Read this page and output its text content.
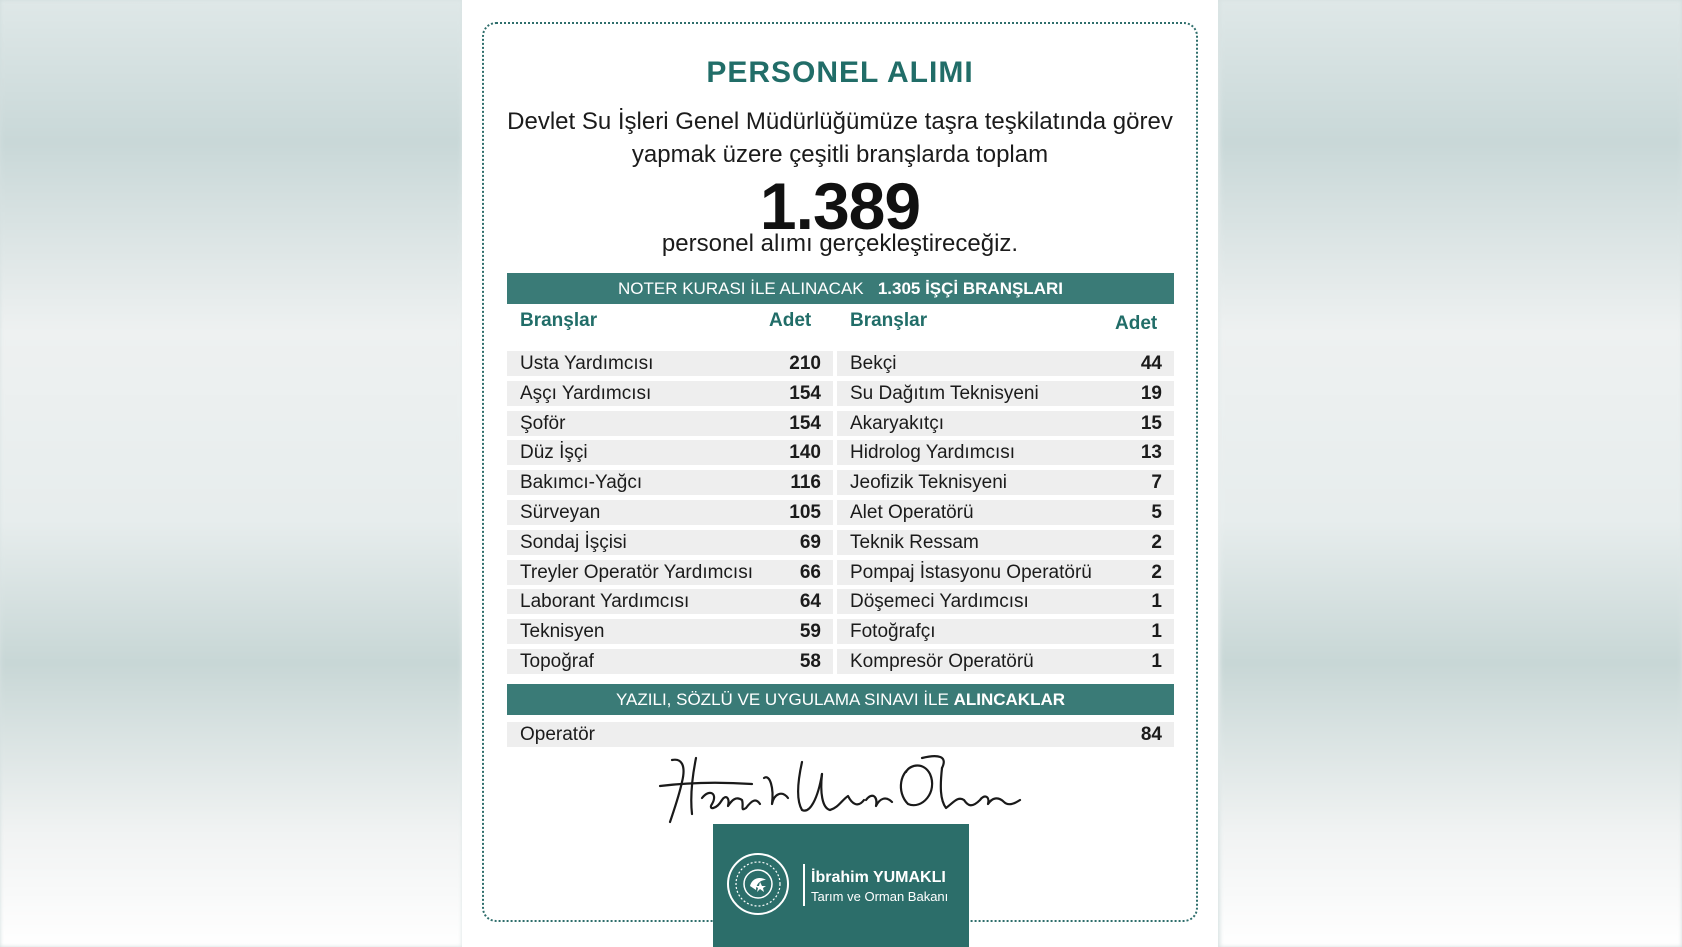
PERSONEL ALIMI
Devlet Su İşleri Genel Müdürlüğümüze taşra teşkilatında görev
yapmak üzere çeşitli branşlarda toplam
1.389
personel alımı gerçekleştireceğiz.
NOTER KURASI İLE ALINACAK 1.305 İŞÇİ BRANŞLARI
Branşlar	Adet Branşlar	Adet
Usta Yardımcısı	210
Aşçı Yardımcısı	154
Şoför	154
Düz İşçi	140
Bakımcı-Yağcı	116
Sürveyan	105
Sondaj İşçisi	69
Treyler Operatör Yardımcısı 66
Laborant Yardımcısı	64
Teknisyen	59
Topoğraf	58
Bekçi	44
Su Dağıtım Teknisyeni	19
Akaryakıtçı	15
Hidrolog Yardımcısı	13
Jeofizik Teknisyeni	7
Alet Operatörü	5
Teknik Ressam	2
Pompaj İstasyonu Operatörü	2
Döşemeci Yardımcısı	1
Fotoğrafçı	1
Kompresör Operatörü	1
YAZILI, SÖZLÜ VE UYGULAMA SINAVI İLE ALINCAKLAR
Operatör	84
İbrahim YUMAKLI
Tarım ve Orman Bakanı
